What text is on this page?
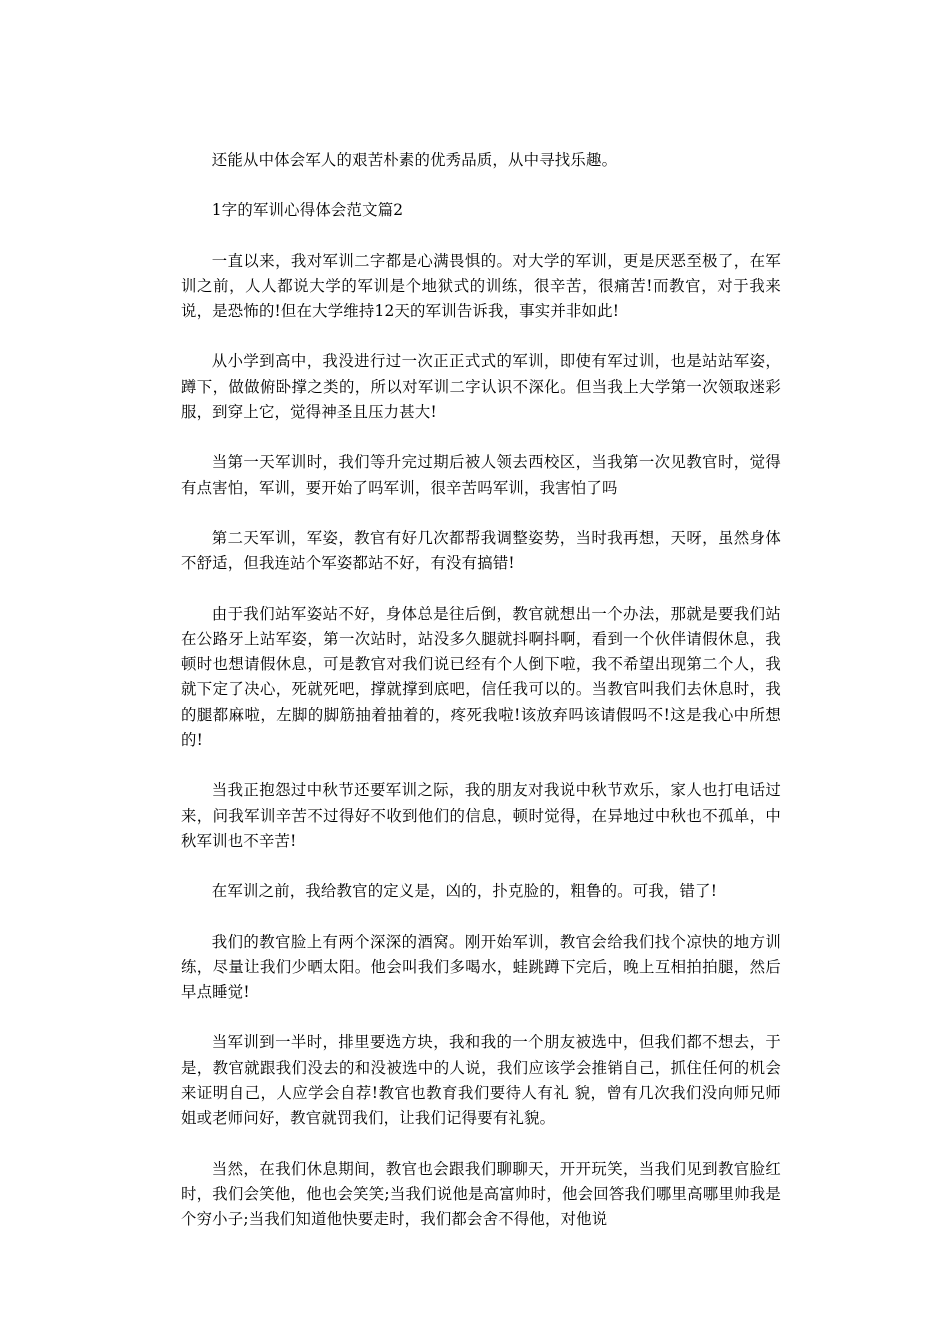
还能从中体会军人的艰苦朴素的优秀品质，从中寻找乐趣。

1字的军训心得体会范文篇2

一直以来，我对军训二字都是心满畏惧的。对大学的军训，更是厌恶至极了，在军训之前，人人都说大学的军训是个地狱式的训练，很辛苦，很痛苦!而教官，对于我来说，是恐怖的!但在大学维持12天的军训告诉我，事实并非如此!

从小学到高中，我没进行过一次正正式式的军训，即使有军过训，也是站站军姿，蹲下，做做俯卧撑之类的，所以对军训二字认识不深化。但当我上大学第一次领取迷彩服，到穿上它，觉得神圣且压力甚大!

当第一天军训时，我们等升完过期后被人领去西校区，当我第一次见教官时，觉得有点害怕，军训，要开始了吗军训，很辛苦吗军训，我害怕了吗

第二天军训，军姿，教官有好几次都帮我调整姿势，当时我再想，天呀，虽然身体不舒适，但我连站个军姿都站不好，有没有搞错!

由于我们站军姿站不好，身体总是往后倒，教官就想出一个办法，那就是要我们站在公路牙上站军姿，第一次站时，站没多久腿就抖啊抖啊，看到一个伙伴请假休息，我顿时也想请假休息，可是教官对我们说已经有个人倒下啦，我不希望出现第二个人，我就下定了决心，死就死吧，撑就撑到底吧，信任我可以的。当教官叫我们去休息时，我的腿都麻啦，左脚的脚筋抽着抽着的，疼死我啦!该放弃吗该请假吗不!这是我心中所想的!

当我正抱怨过中秋节还要军训之际，我的朋友对我说中秋节欢乐，家人也打电话过来，问我军训辛苦不过得好不收到他们的信息，顿时觉得，在异地过中秋也不孤单，中秋军训也不辛苦!

在军训之前，我给教官的定义是，凶的，扑克脸的，粗鲁的。可我，错了!

我们的教官脸上有两个深深的酒窝。刚开始军训，教官会给我们找个凉快的地方训练，尽量让我们少晒太阳。他会叫我们多喝水，蛙跳蹲下完后，晚上互相拍拍腿，然后早点睡觉!

当军训到一半时，排里要选方块，我和我的一个朋友被选中，但我们都不想去，于是，教官就跟我们没去的和没被选中的人说，我们应该学会推销自己，抓住任何的机会来证明自己，人应学会自荐!教官也教育我们要待人有礼 貌，曾有几次我们没向师兄师姐或老师问好，教官就罚我们，让我们记得要有礼貌。

当然，在我们休息期间，教官也会跟我们聊聊天，开开玩笑，当我们见到教官脸红时，我们会笑他，他也会笑笑;当我们说他是高富帅时，他会回答我们哪里高哪里帅我是个穷小子;当我们知道他快要走时，我们都会舍不得他，对他说
